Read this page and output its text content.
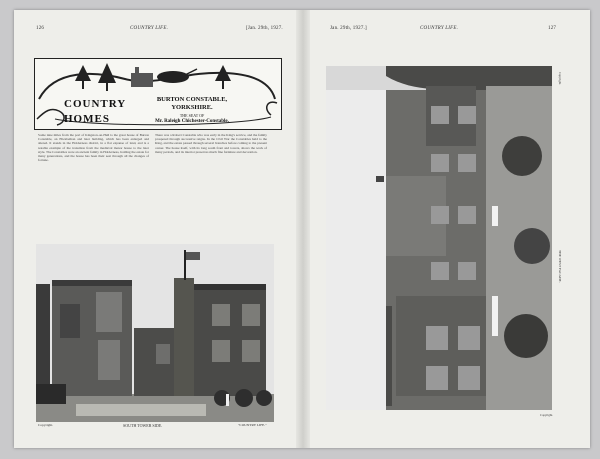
126	COUNTRY LIFE.	[Jan. 29th, 1927.
COUNTRY
HOMES
BURTON CONSTABLE,
YORKSHIRE.
THE SEAT OF
Mr. Raleigh Chichester-Constable.
Some nine miles from the port of Kingston-on-Hull is the great house of Burton Constable, an Elizabethan and later building, which has been enlarged and altered. It stands in the Holderness district, in a flat expanse of land, and is a notable example of the transition from the medieval manor house to the later style. The Constables were an ancient family in Holderness, holding the estate for many generations, and the house has been their seat through all the changes of fortune.
There was a Robert Constable who was early in the King's service, and the family prospered through successive reigns. In the Civil War the Constables held to the King, and the estate passed through several branches before coming to the present owner. The house itself, with its long south front and towers, shows the work of many periods, and its interior preserves much fine furniture and decoration.
Copyright.	SOUTH TOWER SIDE.	"COUNTRY LIFE."
Jan. 29th, 1927.]	COUNTRY LIFE.	127
THE WEST FACADE.
Copyright.
Copyright.
